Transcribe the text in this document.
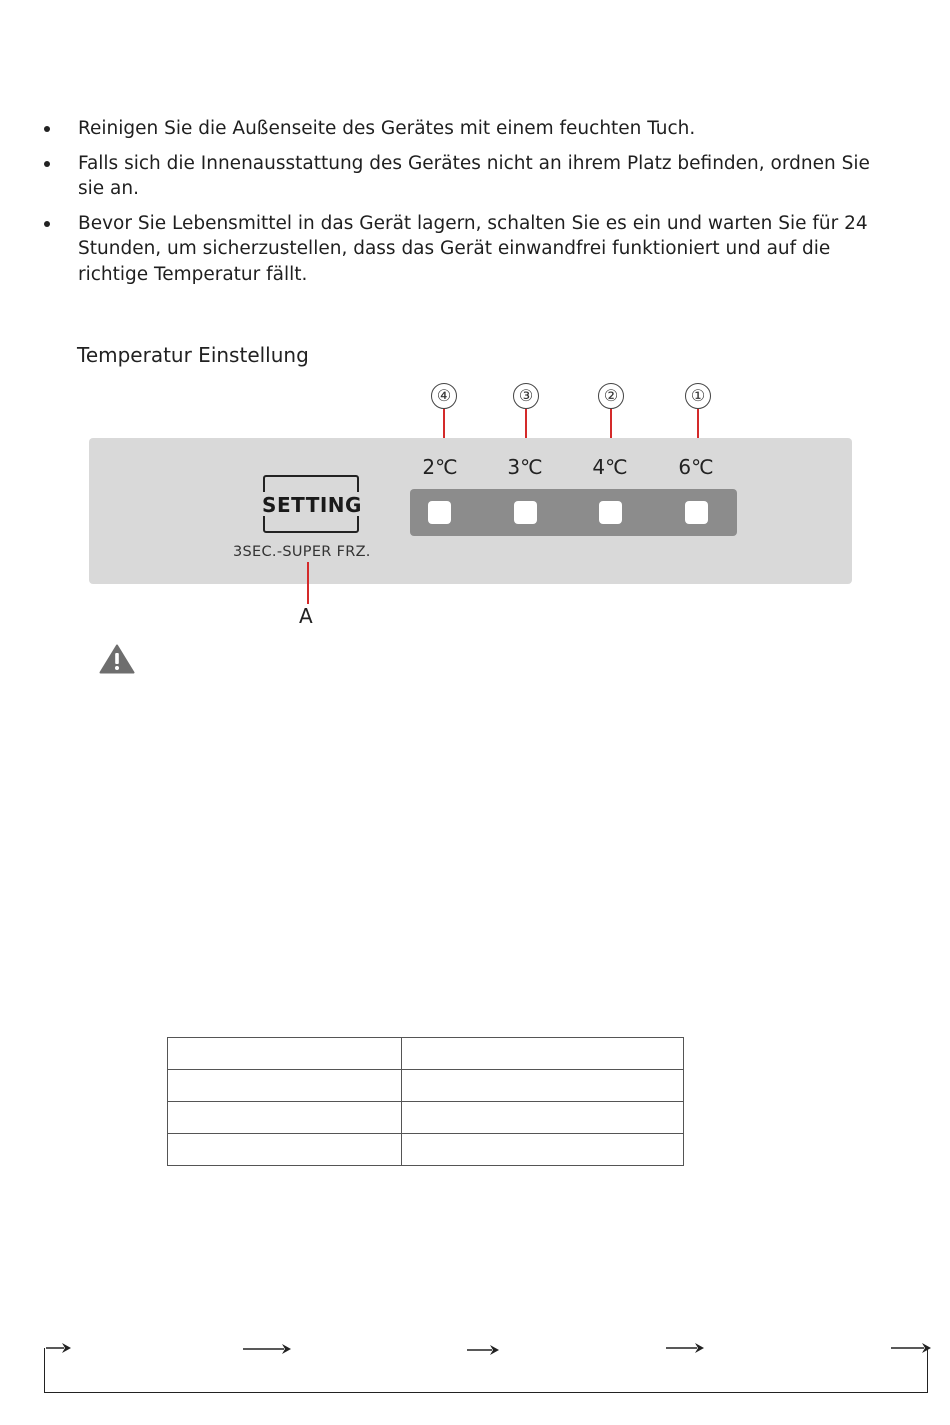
Reinigen Sie die Außenseite des Gerätes mit einem feuchten Tuch.
Falls sich die Innenausstattung des Gerätes nicht an ihrem Platz befinden, ordnen Sie sie an.
Bevor Sie Lebensmittel in das Gerät lagern, schalten Sie es ein und warten Sie für 24 Stunden, um sicherzustellen, dass das Gerät einwandfrei funktioniert und auf die richtige Temperatur fällt.
Temperatur Einstellung
④	③	②	①
2℃	3℃	4℃	6℃
SETTING
3SEC.-SUPER FRZ.
A
